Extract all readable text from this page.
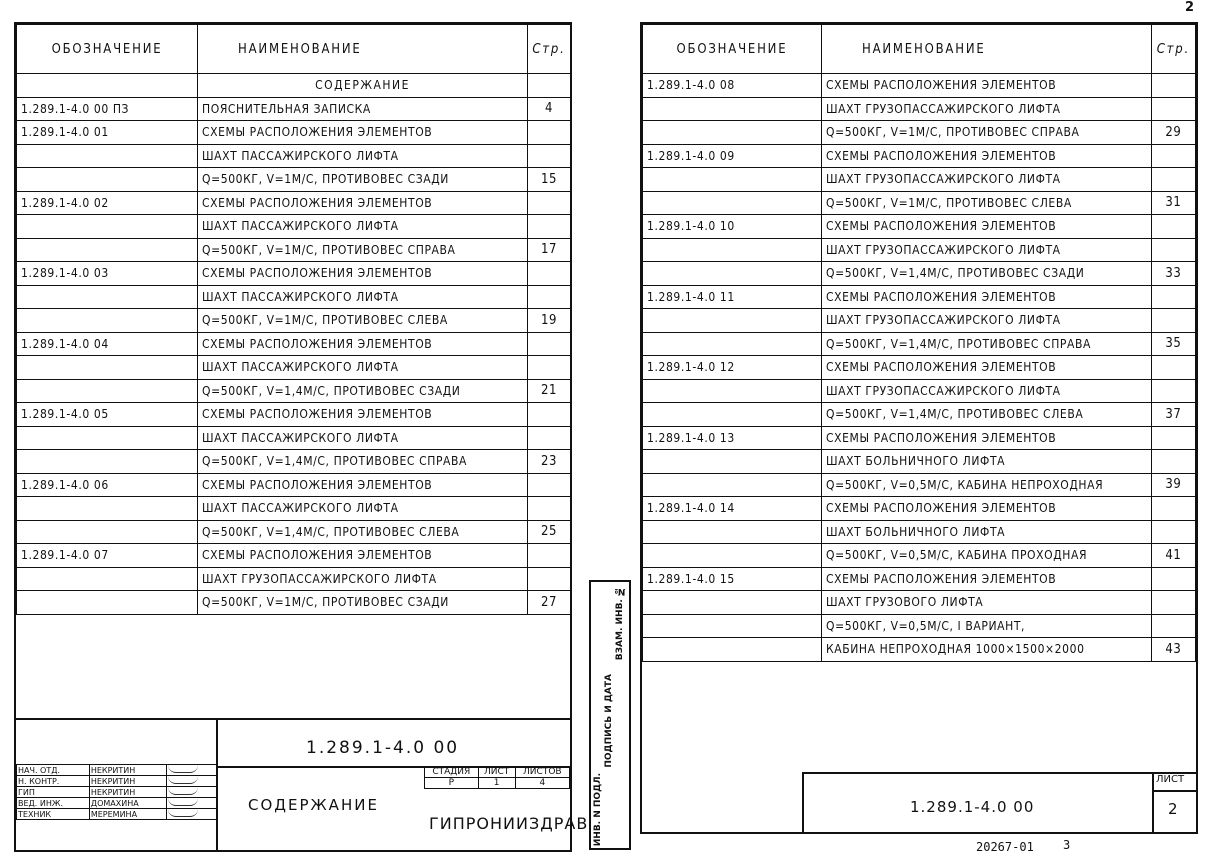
2
ОБОЗНАЧЕНИЕ	НАИМЕНОВАНИЕ	Стр.
	СОДЕРЖАНИЕ	
1.289.1-4.0 00 ПЗ	ПОЯСНИТЕЛЬНАЯ ЗАПИСКА	4
1.289.1-4.0 01	СХЕМЫ РАСПОЛОЖЕНИЯ ЭЛЕМЕНТОВ	
	ШАХТ ПАССАЖИРСКОГО ЛИФТА	
	Q=500КГ, V=1М/С, ПРОТИВОВЕС СЗАДИ	15
1.289.1-4.0 02	СХЕМЫ РАСПОЛОЖЕНИЯ ЭЛЕМЕНТОВ	
	ШАХТ ПАССАЖИРСКОГО ЛИФТА	
	Q=500КГ, V=1М/С, ПРОТИВОВЕС СПРАВА	17
1.289.1-4.0 03	СХЕМЫ РАСПОЛОЖЕНИЯ ЭЛЕМЕНТОВ	
	ШАХТ ПАССАЖИРСКОГО ЛИФТА	
	Q=500КГ, V=1М/С, ПРОТИВОВЕС СЛЕВА	19
1.289.1-4.0 04	СХЕМЫ РАСПОЛОЖЕНИЯ ЭЛЕМЕНТОВ	
	ШАХТ ПАССАЖИРСКОГО ЛИФТА	
	Q=500КГ, V=1,4М/С, ПРОТИВОВЕС СЗАДИ	21
1.289.1-4.0 05	СХЕМЫ РАСПОЛОЖЕНИЯ ЭЛЕМЕНТОВ	
	ШАХТ ПАССАЖИРСКОГО ЛИФТА	
	Q=500КГ, V=1,4М/С, ПРОТИВОВЕС СПРАВА	23
1.289.1-4.0 06	СХЕМЫ РАСПОЛОЖЕНИЯ ЭЛЕМЕНТОВ	
	ШАХТ ПАССАЖИРСКОГО ЛИФТА	
	Q=500КГ, V=1,4М/С, ПРОТИВОВЕС СЛЕВА	25
1.289.1-4.0 07	СХЕМЫ РАСПОЛОЖЕНИЯ ЭЛЕМЕНТОВ	
	ШАХТ ГРУЗОПАССАЖИРСКОГО ЛИФТА	
	Q=500КГ, V=1М/С, ПРОТИВОВЕС СЗАДИ	27
НАЧ. ОТД.	НЕКРИТИН	
Н. КОНТР.	НЕКРИТИН	
ГИП	НЕКРИТИН	
ВЕД. ИНЖ.	ДОМАХИНА	
ТЕХНИК	МЕРЕМИНА	
1.289.1-4.0 00
СОДЕРЖАНИЕ
СТАДИЯ	ЛИСТ	ЛИСТОВ
Р	1	4
ГИПРОНИИЗДРАВ ИНВ. N ПОДЛ.
ПОДПИСЬ И ДАТА
ВЗАМ. ИНВ. №
ОБОЗНАЧЕНИЕ	НАИМЕНОВАНИЕ	Стр.
1.289.1-4.0 08	СХЕМЫ РАСПОЛОЖЕНИЯ ЭЛЕМЕНТОВ	
	ШАХТ ГРУЗОПАССАЖИРСКОГО ЛИФТА	
	Q=500КГ, V=1М/С, ПРОТИВОВЕС СПРАВА	29
1.289.1-4.0 09	СХЕМЫ РАСПОЛОЖЕНИЯ ЭЛЕМЕНТОВ	
	ШАХТ ГРУЗОПАССАЖИРСКОГО ЛИФТА	
	Q=500КГ, V=1М/С, ПРОТИВОВЕС СЛЕВА	31
1.289.1-4.0 10	СХЕМЫ РАСПОЛОЖЕНИЯ ЭЛЕМЕНТОВ	
	ШАХТ ГРУЗОПАССАЖИРСКОГО ЛИФТА	
	Q=500КГ, V=1,4М/С, ПРОТИВОВЕС СЗАДИ	33
1.289.1-4.0 11	СХЕМЫ РАСПОЛОЖЕНИЯ ЭЛЕМЕНТОВ	
	ШАХТ ГРУЗОПАССАЖИРСКОГО ЛИФТА	
	Q=500КГ, V=1,4М/С, ПРОТИВОВЕС СПРАВА	35
1.289.1-4.0 12	СХЕМЫ РАСПОЛОЖЕНИЯ ЭЛЕМЕНТОВ	
	ШАХТ ГРУЗОПАССАЖИРСКОГО ЛИФТА	
	Q=500КГ, V=1,4М/С, ПРОТИВОВЕС СЛЕВА	37
1.289.1-4.0 13	СХЕМЫ РАСПОЛОЖЕНИЯ ЭЛЕМЕНТОВ	
	ШАХТ БОЛЬНИЧНОГО ЛИФТА	
	Q=500КГ, V=0,5М/С, КАБИНА НЕПРОХОДНАЯ	39
1.289.1-4.0 14	СХЕМЫ РАСПОЛОЖЕНИЯ ЭЛЕМЕНТОВ	
	ШАХТ БОЛЬНИЧНОГО ЛИФТА	
	Q=500КГ, V=0,5М/С, КАБИНА ПРОХОДНАЯ	41
1.289.1-4.0 15	СХЕМЫ РАСПОЛОЖЕНИЯ ЭЛЕМЕНТОВ	
	ШАХТ ГРУЗОВОГО ЛИФТА	
	Q=500КГ, V=0,5М/С, I ВАРИАНТ,	
	КАБИНА НЕПРОХОДНАЯ 1000×1500×2000	43
ЛИСТ
2
1.289.1-4.0 00
20267-01 3
